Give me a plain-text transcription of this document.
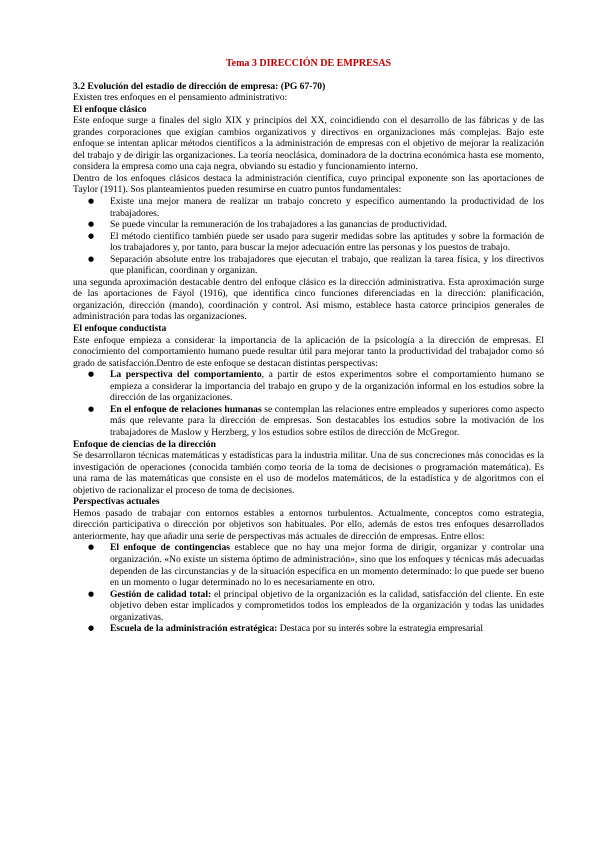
Tema 3 DIRECCIÓN DE EMPRESAS

3.2 Evolución del estadio de dirección de empresa: (PG 67-70)

Existen tres enfoques en el pensamiento administrativo:

El enfoque clásico

Este enfoque surge a finales del siglo XIX y principios del XX, coincidiendo con el desarrollo de las fábricas y de las grandes corporaciones que exigían cambios organizativos y directivos en organizaciones más complejas. Bajo este enfoque se intentan aplicar métodos científicos a la administración de empresas con el objetivo de mejorar la realización del trabajo y de dirigir las organizaciones. La teoría neoclásica, dominadora de la doctrina económica hasta ese momento, considera la empresa como una caja negra, obviando su estadio y funcionamiento interno.

Dentro de los enfoques clásicos destaca la administración científica, cuyo principal exponente son las aportaciones de Taylor (1911). Sos planteamientos pueden resumirse en cuatro puntos fundamentales:

● Existe una mejor manera de realizar un trabajo concreto y específico aumentando la productividad de los trabajadores.
● Se puede vincular la remuneración de los trabajadores a las ganancias de productividad.
● El método científico también puede ser usado para sugerir medidas sobre las aptitudes y sobre la formación de los trabajadores y, por tanto, para buscar la mejor adecuación entre las personas y los puestos de trabajo.
● Separación absolute entre los trabajadores que ejecutan el trabajo, que realizan la tarea física, y los directivos que planifican, coordinan y organizan.

una segunda aproximación destacable dentro del enfoque clásico es la dirección administrativa. Esta aproximación surge de las aportaciones de Fayol (1916), que identifica cinco funciones diferenciadas en la dirección: planificación, organización, dirección (mando), coordinación y control. Así mismo, establece hasta catorce principios generales de administración para todas las organizaciones.

El enfoque conductista

Este enfoque empieza a considerar la importancia de la aplicación de la psicología a la dirección de empresas. El conocimiento del comportamiento humano puede resultar útil para mejorar tanto la productividad del trabajador como só grado de satisfacción.Dentro de este enfoque se destacan distintas perspectivas:

● La perspectiva del comportamiento, a partir de estos experimentos sobre el comportamiento humano se empieza a considerar la importancia del trabajo en grupo y de la organización informal en los estudios sobre la dirección de las organizaciones.
● En el enfoque de relaciones humanas se contemplan las relaciones entre empleados y superiores como aspecto más que relevante para la dirección de empresas. Son destacables los estudios sobre la motivación de los trabajadores de Maslow y Herzberg, y los estudios sobre estilos de dirección de McGregor.

Enfoque de ciencias de la dirección

Se desarrollaron técnicas matemáticas y estadísticas para la industria militar. Una de sus concreciones más conocidas es la investigación de operaciones (conocida también como teoría de la toma de decisiones o programación matemática). Es una rama de las matemáticas que consiste en el uso de modelos matemáticos, de la estadística y de algoritmos con el objetivo de racionalizar el proceso de toma de decisiones.

Perspectivas actuales

Hemos pasado de trabajar con entornos estables a entornos turbulentos. Actualmente, conceptos como estrategia, dirección participativa o dirección por objetivos son habituales. Por ello, además de estos tres enfoques desarrollados anteriormente, hay que añadir una serie de perspectivas más actuales de dirección de empresas. Entre ellos:

● El enfoque de contingencias establece que no hay una mejor forma de dirigir, organizar y controlar una organización. «No existe un sistema óptimo de administración», sino que los enfoques y técnicas más adecuadas dependen de las circunstancias y de la situación específica en un momento determinado: lo que puede ser bueno en un momento o lugar determinado no lo es necesariamente en otro.
● Gestión de calidad total: el principal objetivo de la organización es la calidad, satisfacción del cliente. En este objetivo deben estar implicados y comprometidos todos los empleados de la organización y todas las unidades organizativas.
● Escuela de la administración estratégica: Destaca por su interés sobre la estrategia empresarial
